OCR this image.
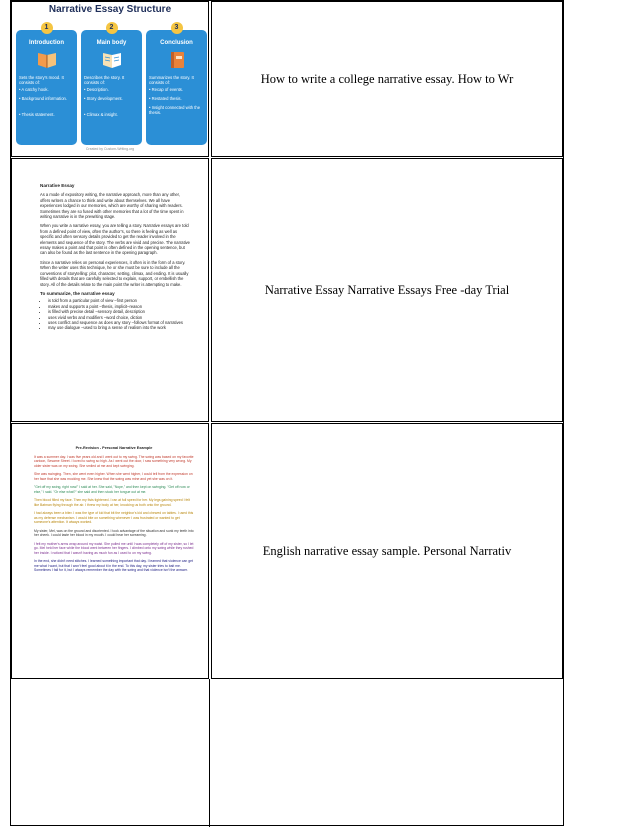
Narrative Essay Structure
1
Introduction
Sets the story's mood. It consists of:
• A catchy hook.
• Background information.
• Thesis statement.
2
Main body
Describes the story. It consists of:
• Description.
• Story development.
• Climax & insight.
3
Conclusion
Summarizes the story. It consists of:
• Recap of events.
• Restated thesis.
• Insight connected with the thesis.
Created by Custom-Writing.org
How to write a college narrative essay. How to Wr
Narrative Essay

As a mode of expository writing, the narrative approach, more than any other, offers writers a chance to think and write about themselves. We all have experiences lodged in our memories, which are worthy of sharing with readers. Sometimes they are so fused with other memories that a lot of the time spent in writing narrative is in the prewriting stage.

When you write a narrative essay, you are telling a story. Narrative essays are told from a defined point of view, often the author's, so there is feeling as well as specific and often sensory details provided to get the reader involved in the elements and sequence of the story. The verbs are vivid and precise. The narrative essay makes a point and that point is often defined in the opening sentence, but can also be found as the last sentence in the opening paragraph.

Since a narrative relies on personal experiences, it often is in the form of a story. When the writer uses this technique, he or she must be sure to include all the conventions of storytelling: plot, character, setting, climax, and ending. It is usually filled with details that are carefully selected to explain, support, or embellish the story. All of the details relate to the main point the writer is attempting to make.

To summarize, the narrative essay
• is told from a particular point of view –first person
• makes and supports a point –thesis, implicit–reason
• is filled with precise detail –sensory detail, description
• uses vivid verbs and modifiers –word choice, diction
• uses conflict and sequence as does any story –follows format of narratives
• may use dialogue –used to bring a sense of realism into the work
Narrative Essay Narrative Essays Free -day Trial
Pre-Revision - Personal Narrative Example

It was a summer day. I was five years old and I went out to my swing. The swing was based on my favorite cartoon, Sesame Street. I loved to swing so high. As I went out the door, I saw something very wrong. My older sister was on my swing. She smiled at me and kept swinging.

She was swinging. Then, she went even higher. When she went higher, I could tell from the expression on her face that she was mocking me. She knew that the swing was mine and yet she was on it.

"Get off my swing, right now!" I said at her. She said, "Nope," and then kept on swinging. "Get off now or else," I said. "Or else what?" she said and then stuck her tongue out at me.

Then blood filled my face. Then my fists tightened. I ran at full speed for her. My legs gaining speed I felt like Batman flying through the air. I threw my body at her, knocking us both onto the ground.

I had always been a biter. I was the type of kid that bit the neighbor's kid and chewed on tables. I used this as my defense mechanism. I would bite on something whenever I was frustrated or wanted to get someone's attention. It always worked.

My sister, Mel, was on the ground and disoriented. I took advantage of the situation and sunk my teeth into her cheek. I could taste her blood in my mouth. I could hear her screaming.

I felt my mother's arms wrap around my waist. She pulled me until I was completely off of my sister, so I let go. Mel held her face while the blood went between her fingers. I climbed onto my swing while they rushed her inside. I noticed that I wasn't having as much fun as I used to on my swing.

In the end, she didn't need stitches. I learned something important that day. I learned that violence can get me what I want, but that I won't feel good about it in the end. To this day, my sister tries to bait me. Sometimes I fall for it, but I always remember the day with the swing and that violence isn't the answer.

English narrative essay sample. Personal Narrativ
